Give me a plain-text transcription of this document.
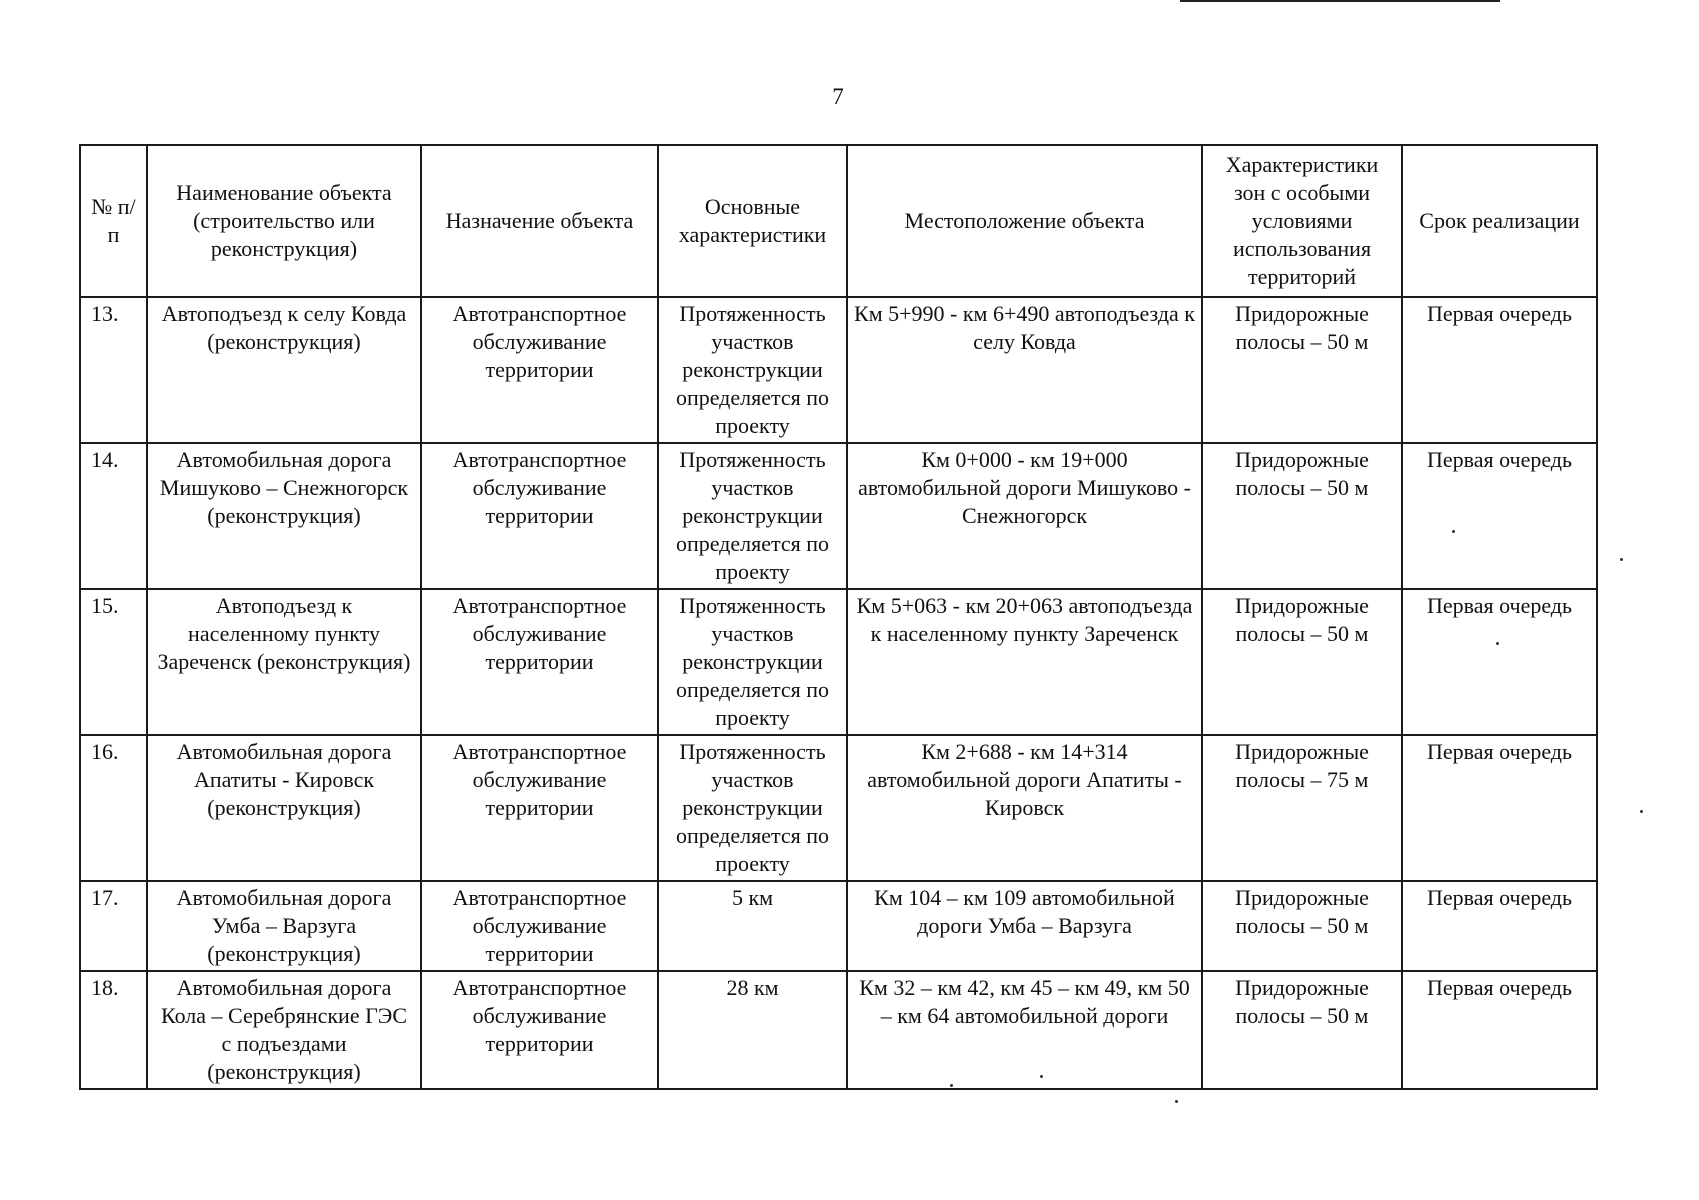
7
№ п/п	Наименование объекта (строительство или реконструкция)	Назначение объекта	Основные характеристики	Местоположение объекта	Характеристики зон с особыми условиями использования территорий	Срок реализации
13.	Автоподъезд к селу Ковда (реконструкция)	Автотранспортное обслуживание территории	Протяженность участков реконструкции определяется по проекту	Км 5+990 - км 6+490 автоподъезда к селу Ковда	Придорожные полосы – 50 м	Первая очередь
14.	Автомобильная дорога Мишуково – Снежногорск (реконструкция)	Автотранспортное обслуживание территории	Протяженность участков реконструкции определяется по проекту	Км 0+000 - км 19+000 автомобильной дороги Мишуково - Снежногорск	Придорожные полосы – 50 м	Первая очередь
15.	Автоподъезд к населенному пункту Зареченск (реконструкция)	Автотранспортное обслуживание территории	Протяженность участков реконструкции определяется по проекту	Км 5+063 - км 20+063 автоподъезда к населенному пункту Зареченск	Придорожные полосы – 50 м	Первая очередь
16.	Автомобильная дорога Апатиты - Кировск (реконструкция)	Автотранспортное обслуживание территории	Протяженность участков реконструкции определяется по проекту	Км 2+688 - км 14+314 автомобильной дороги Апатиты - Кировск	Придорожные полосы – 75 м	Первая очередь
17.	Автомобильная дорога Умба – Варзуга (реконструкция)	Автотранспортное обслуживание территории	5 км	Км 104 – км 109 автомобильной дороги Умба – Варзуга	Придорожные полосы – 50 м	Первая очередь
18.	Автомобильная дорога Кола – Серебрянские ГЭС с подъездами (реконструкция)	Автотранспортное обслуживание территории	28 км	Км 32 – км 42, км 45 – км 49, км 50 – км 64 автомобильной дороги	Придорожные полосы – 50 м	Первая очередь
